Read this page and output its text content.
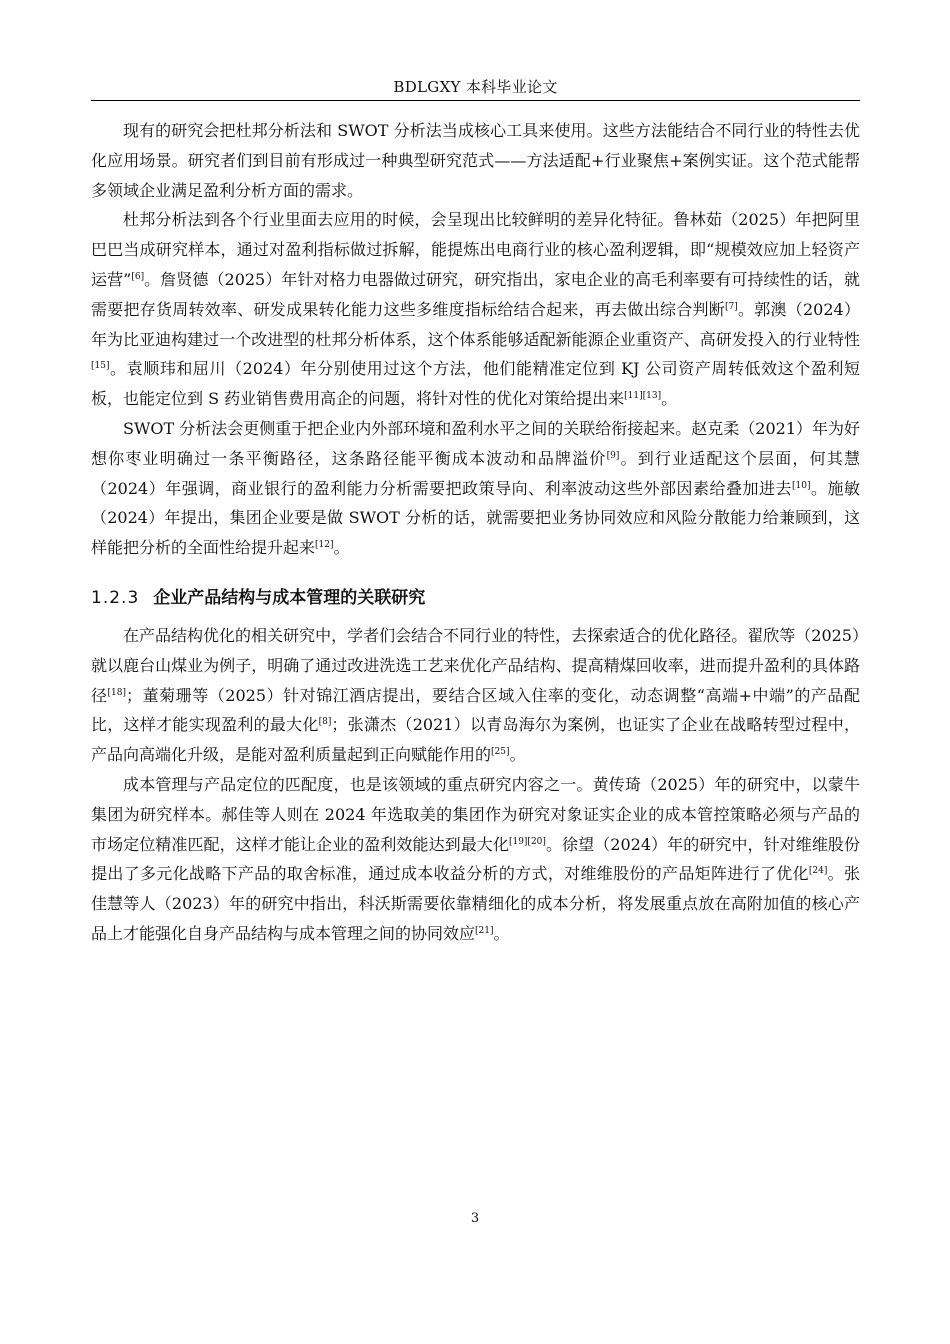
BDLGXY 本科毕业论文

现有的研究会把杜邦分析法和 SWOT 分析法当成核心工具来使用。这些方法能结合不同行业的特性去优化应用场景。研究者们到目前有形成过一种典型研究范式——方法适配+行业聚焦+案例实证。这个范式能帮多领域企业满足盈利分析方面的需求。

杜邦分析法到各个行业里面去应用的时候，会呈现出比较鲜明的差异化特征。鲁林茹（2025）年把阿里巴巴当成研究样本，通过对盈利指标做过拆解，能提炼出电商行业的核心盈利逻辑，即“规模效应加上轻资产运营”[6]。詹贤德（2025）年针对格力电器做过研究，研究指出，家电企业的高毛利率要有可持续性的话，就需要把存货周转效率、研发成果转化能力这些多维度指标给结合起来，再去做出综合判断[7]。郭澳（2024）年为比亚迪构建过一个改进型的杜邦分析体系，这个体系能够适配新能源企业重资产、高研发投入的行业特性[15]。袁顺玮和屈川（2024）年分别使用过这个方法，他们能精准定位到 KJ 公司资产周转低效这个盈利短板，也能定位到 S 药业销售费用高企的问题，将针对性的优化对策给提出来[11][13]。

SWOT 分析法会更侧重于把企业内外部环境和盈利水平之间的关联给衔接起来。赵克柔（2021）年为好想你枣业明确过一条平衡路径，这条路径能平衡成本波动和品牌溢价[9]。到行业适配这个层面，何其慧（2024）年强调，商业银行的盈利能力分析需要把政策导向、利率波动这些外部因素给叠加进去[10]。施敏（2024）年提出，集团企业要是做 SWOT 分析的话，就需要把业务协同效应和风险分散能力给兼顾到，这样能把分析的全面性给提升起来[12]。

1.2.3 企业产品结构与成本管理的关联研究

在产品结构优化的相关研究中，学者们会结合不同行业的特性，去探索适合的优化路径。翟欣等（2025）就以鹿台山煤业为例子，明确了通过改进洗选工艺来优化产品结构、提高精煤回收率，进而提升盈利的具体路径[18]；董菊珊等（2025）针对锦江酒店提出，要结合区域入住率的变化，动态调整“高端+中端”的产品配比，这样才能实现盈利的最大化[8]；张潇杰（2021）以青岛海尔为案例，也证实了企业在战略转型过程中，产品向高端化升级，是能对盈利质量起到正向赋能作用的[25]。

成本管理与产品定位的匹配度，也是该领域的重点研究内容之一。黄传琦（2025）年的研究中，以蒙牛集团为研究样本。郝佳等人则在 2024 年选取美的集团作为研究对象证实企业的成本管控策略必须与产品的市场定位精准匹配，这样才能让企业的盈利效能达到最大化[19][20]。徐望（2024）年的研究中，针对维维股份提出了多元化战略下产品的取舍标准，通过成本收益分析的方式，对维维股份的产品矩阵进行了优化[24]。张佳慧等人（2023）年的研究中指出，科沃斯需要依靠精细化的成本分析，将发展重点放在高附加值的核心产品上才能强化自身产品结构与成本管理之间的协同效应[21]。

3
